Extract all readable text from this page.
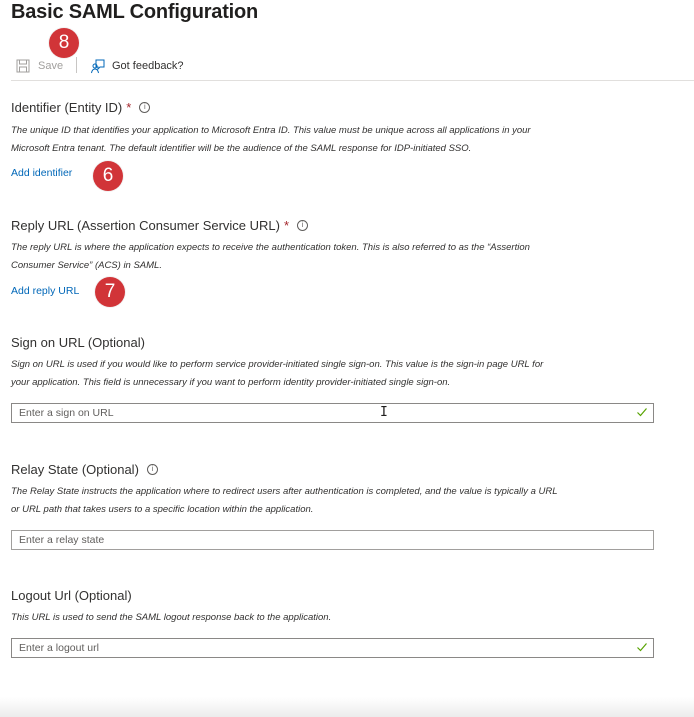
Basic SAML Configuration
Save	Got feedback?
8
Identifier (Entity ID) *	i
The unique ID that identifies your application to Microsoft Entra ID. This value must be unique across all applications in your
Microsoft Entra tenant. The default identifier will be the audience of the SAML response for IDP-initiated SSO.
Add identifier	6
Reply URL (Assertion Consumer Service URL) *	i
The reply URL is where the application expects to receive the authentication token. This is also referred to as the “Assertion
Consumer Service” (ACS) in SAML.
Add reply URL	7
Sign on URL (Optional)
Sign on URL is used if you would like to perform service provider-initiated single sign-on. This value is the sign-in page URL for
your application. This field is unnecessary if you want to perform identity provider-initiated single sign-on.
Enter a sign on URL	I
Relay State (Optional)	i
The Relay State instructs the application where to redirect users after authentication is completed, and the value is typically a URL
or URL path that takes users to a specific location within the application.
Enter a relay state
Logout Url (Optional)
This URL is used to send the SAML logout response back to the application.
Enter a logout url
